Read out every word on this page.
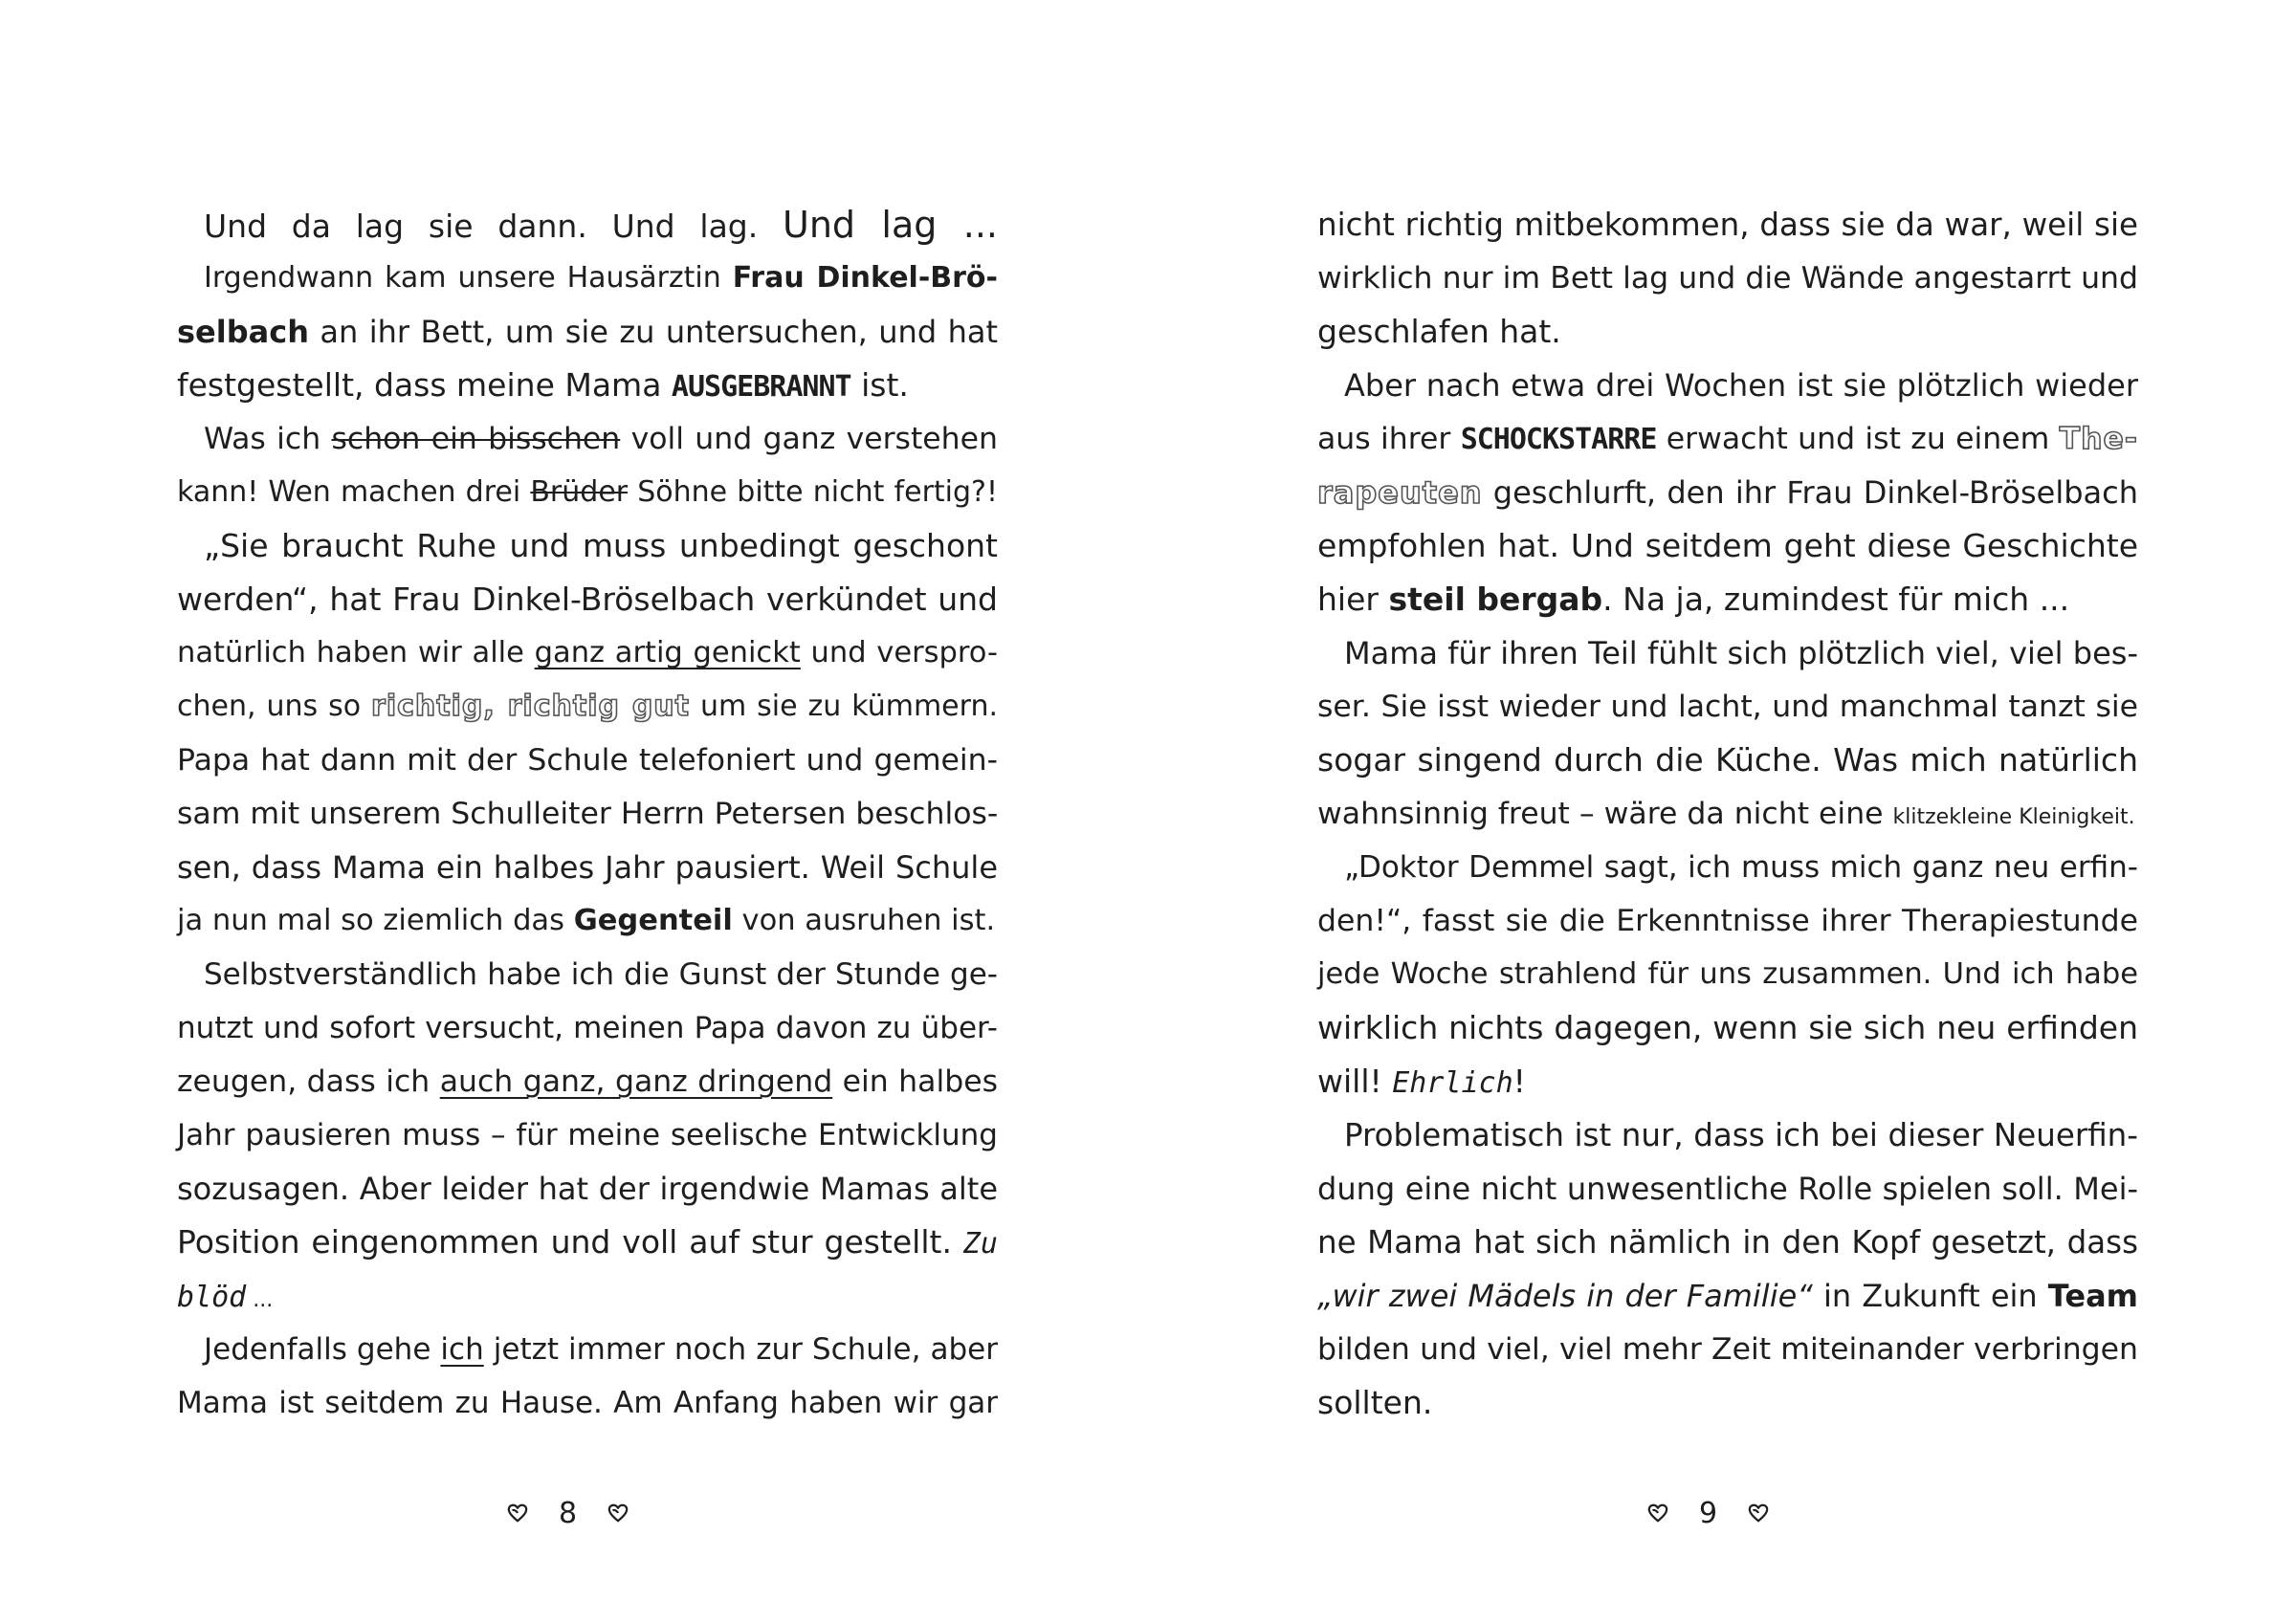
Und da lag sie dann. Und lag. Und lag ...
Irgendwann kam unsere Hausärztin Frau Dinkel-Brö-
selbach an ihr Bett, um sie zu untersuchen, und hat
festgestellt, dass meine Mama AUSGEBRANNT ist.
Was ich schon ein bisschen voll und ganz verstehen
kann! Wen machen drei Brüder Söhne bitte nicht fertig?!
„Sie braucht Ruhe und muss unbedingt geschont
werden“, hat Frau Dinkel-Bröselbach verkündet und
natürlich haben wir alle ganz artig genickt und verspro-
chen, uns so richtig, richtig gut um sie zu kümmern.
Papa hat dann mit der Schule telefoniert und gemein-
sam mit unserem Schulleiter Herrn Petersen beschlos-
sen, dass Mama ein halbes Jahr pausiert. Weil Schule
ja nun mal so ziemlich das Gegenteil von ausruhen ist.
Selbstverständlich habe ich die Gunst der Stunde ge-
nutzt und sofort versucht, meinen Papa davon zu über-
zeugen, dass ich auch ganz, ganz dringend ein halbes
Jahr pausieren muss – für meine seelische Entwicklung
sozusagen. Aber leider hat der irgendwie Mamas alte
Position eingenommen und voll auf stur gestellt. Zu
blöd ...
Jedenfalls gehe ich jetzt immer noch zur Schule, aber
Mama ist seitdem zu Hause. Am Anfang haben wir gar
8
nicht richtig mitbekommen, dass sie da war, weil sie
wirklich nur im Bett lag und die Wände angestarrt und
geschlafen hat.
Aber nach etwa drei Wochen ist sie plötzlich wieder
aus ihrer SCHOCKSTARRE erwacht und ist zu einem The-
rapeuten geschlurft, den ihr Frau Dinkel-Bröselbach
empfohlen hat. Und seitdem geht diese Geschichte
hier steil bergab. Na ja, zumindest für mich ...
Mama für ihren Teil fühlt sich plötzlich viel, viel bes-
ser. Sie isst wieder und lacht, und manchmal tanzt sie
sogar singend durch die Küche. Was mich natürlich
wahnsinnig freut – wäre da nicht eine klitzekleine Kleinigkeit.
„Doktor Demmel sagt, ich muss mich ganz neu erfin-
den!“, fasst sie die Erkenntnisse ihrer Therapiestunde
jede Woche strahlend für uns zusammen. Und ich habe
wirklich nichts dagegen, wenn sie sich neu erfinden
will! Ehrlich!
Problematisch ist nur, dass ich bei dieser Neuerfin-
dung eine nicht unwesentliche Rolle spielen soll. Mei-
ne Mama hat sich nämlich in den Kopf gesetzt, dass
„wir zwei Mädels in der Familie“ in Zukunft ein Team
bilden und viel, viel mehr Zeit miteinander verbringen
sollten.
9
